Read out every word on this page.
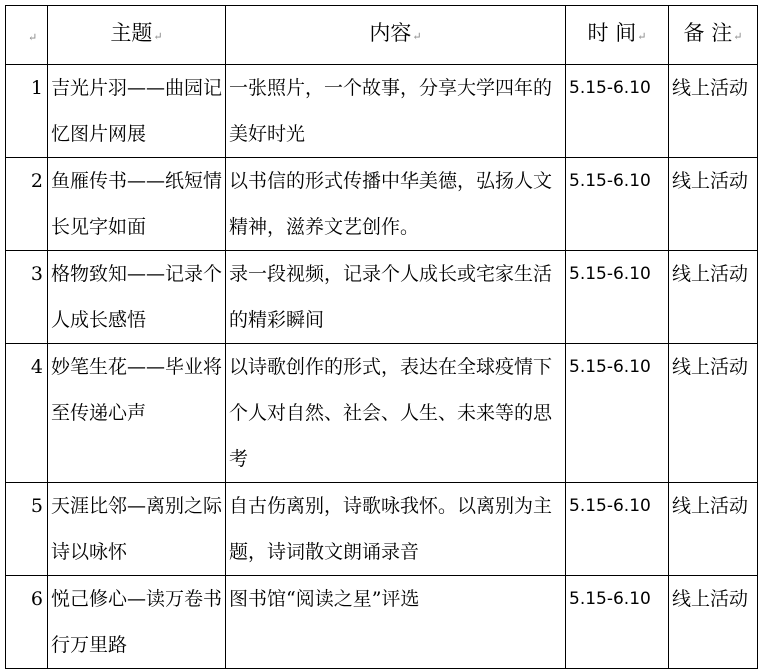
↵	主题↵	内容↵	时 间↵	备 注↵
1	吉光片羽——曲园记忆图片网展	一张照片，一个故事，分享大学四年的美好时光	5.15-6.10	线上活动

2	鱼雁传书——纸短情长见字如面	以书信的形式传播中华美德，弘扬人文精神，滋养文艺创作。	5.15-6.10	线上活动

3	格物致知——记录个人成长感悟	录一段视频，记录个人成长或宅家生活的精彩瞬间	5.15-6.10	线上活动

4	妙笔生花——毕业将至传递心声	以诗歌创作的形式，表达在全球疫情下个人对自然、社会、人生、未来等的思考	5.15-6.10	线上活动

5	天涯比邻—离别之际诗以咏怀	自古伤离别，诗歌咏我怀。以离别为主题，诗词散文朗诵录音	5.15-6.10	线上活动

6	悦己修心—读万卷书行万里路	图书馆“阅读之星”评选	5.15-6.10	线上活动
